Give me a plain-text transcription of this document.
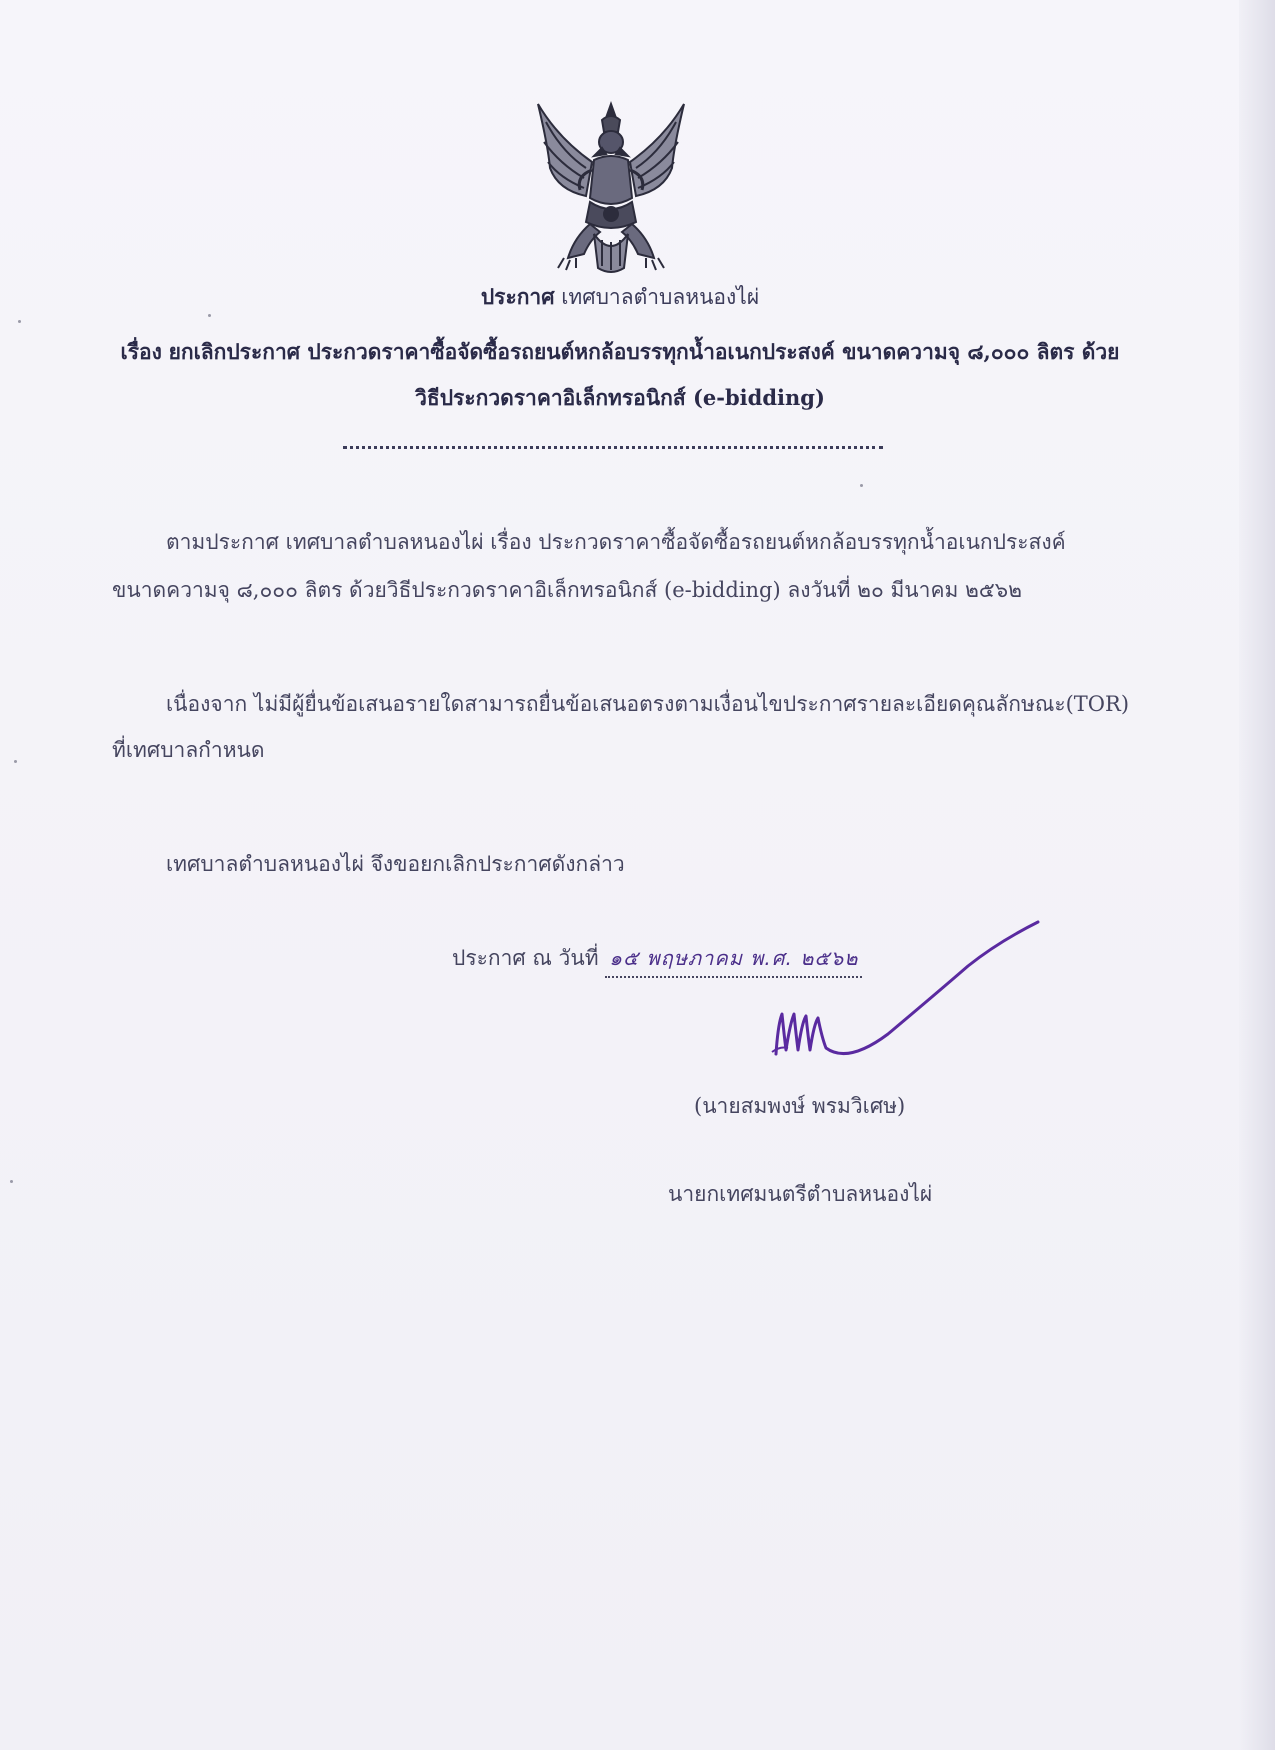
ประกาศ เทศบาลตำบลหนองไผ่
เรื่อง ยกเลิกประกาศ ประกวดราคาซื้อจัดซื้อรถยนต์หกล้อบรรทุกน้ำอเนกประสงค์ ขนาดความจุ ๘,๐๐๐ ลิตร ด้วย
วิธีประกวดราคาอิเล็กทรอนิกส์ (e-bidding)
ตามประกาศ เทศบาลตำบลหนองไผ่ เรื่อง ประกวดราคาซื้อจัดซื้อรถยนต์หกล้อบรรทุกน้ำอเนกประสงค์
ขนาดความจุ ๘,๐๐๐ ลิตร ด้วยวิธีประกวดราคาอิเล็กทรอนิกส์ (e-bidding) ลงวันที่ ๒๐ มีนาคม ๒๕๖๒
เนื่องจาก ไม่มีผู้ยื่นข้อเสนอรายใดสามารถยื่นข้อเสนอตรงตามเงื่อนไขประกาศรายละเอียดคุณลักษณะ(TOR)
ที่เทศบาลกำหนด
เทศบาลตำบลหนองไผ่ จึงขอยกเลิกประกาศดังกล่าว
ประกาศ ณ วันที่ ๑๕ พฤษภาคม พ.ศ. ๒๕๖๒
(นายสมพงษ์ พรมวิเศษ)
นายกเทศมนตรีตำบลหนองไผ่
